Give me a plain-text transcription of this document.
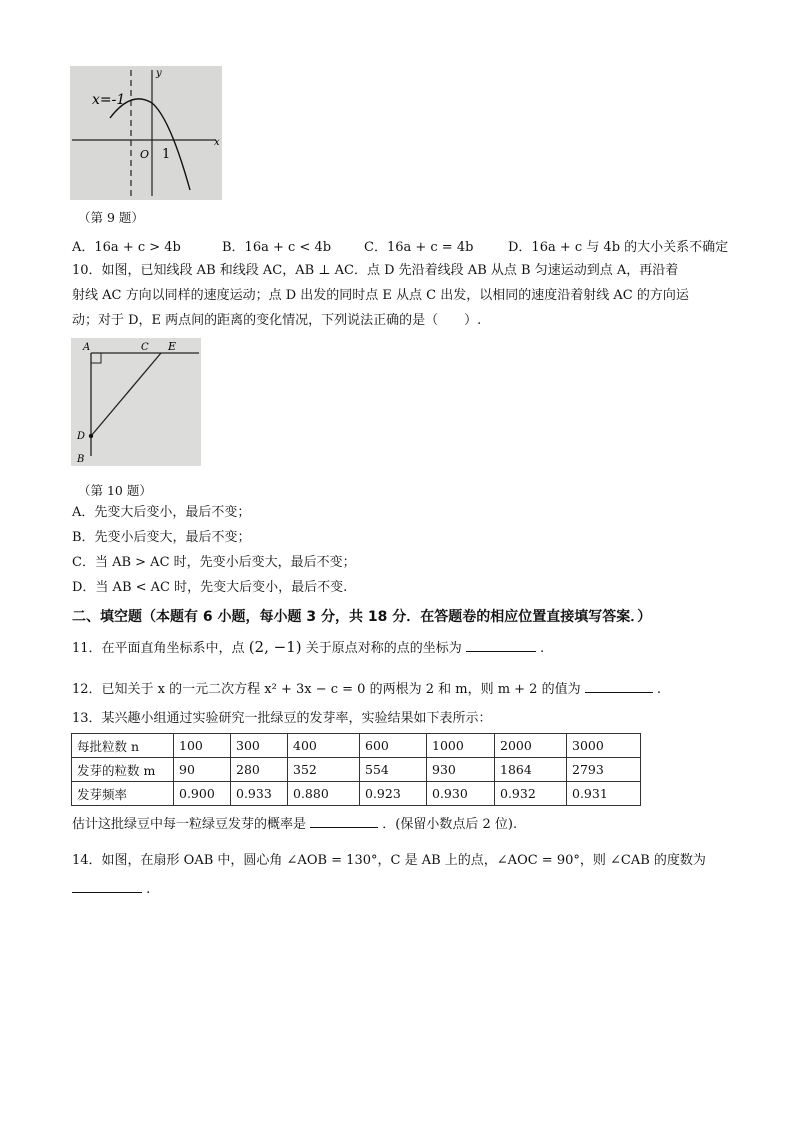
x
y
x=-1
O 1
（第 9 题）
A．16a + c > 4b	B．16a + c < 4b	C．16a + c = 4b	D．16a + c 与 4b 的大小关系不确定
10．如图，已知线段 AB 和线段 AC，AB ⊥ AC．点 D 先沿着线段 AB 从点 B 匀速运动到点 A，再沿着
射线 AC 方向以同样的速度运动；点 D 出发的同时点 E 从点 C 出发，以相同的速度沿着射线 AC 的方向运
动；对于 D，E 两点间的距离的变化情况，下列说法正确的是（　　）.
A	C E
D
B
（第 10 题）
A．先变大后变小，最后不变；
B．先变小后变大，最后不变；
C．当 AB > AC 时，先变小后变大，最后不变；
D．当 AB < AC 时，先变大后变小，最后不变.
二、填空题（本题有 6 小题，每小题 3 分，共 18 分．在答题卷的相应位置直接填写答案．）
11．在平面直角坐标系中，点 (2, −1) 关于原点对称的点的坐标为	.
12．已知关于 x 的一元二次方程 x² + 3x − c = 0 的两根为 2 和 m，则 m + 2 的值为	.
13．某兴趣小组通过实验研究一批绿豆的发芽率，实验结果如下表所示：
每批粒数 n	100	300	400	600	1000	2000	3000
发芽的粒数 m	90	280	352	554	930	1864	2793
发芽频率	0.900	0.933	0.880	0.923	0.930	0.932	0.931
估计这批绿豆中每一粒绿豆发芽的概率是	．(保留小数点后 2 位).
14．如图，在扇形 OAB 中，圆心角 ∠AOB = 130°，C 是 AB 上的点，∠AOC = 90°，则 ∠CAB 的度数为
.
